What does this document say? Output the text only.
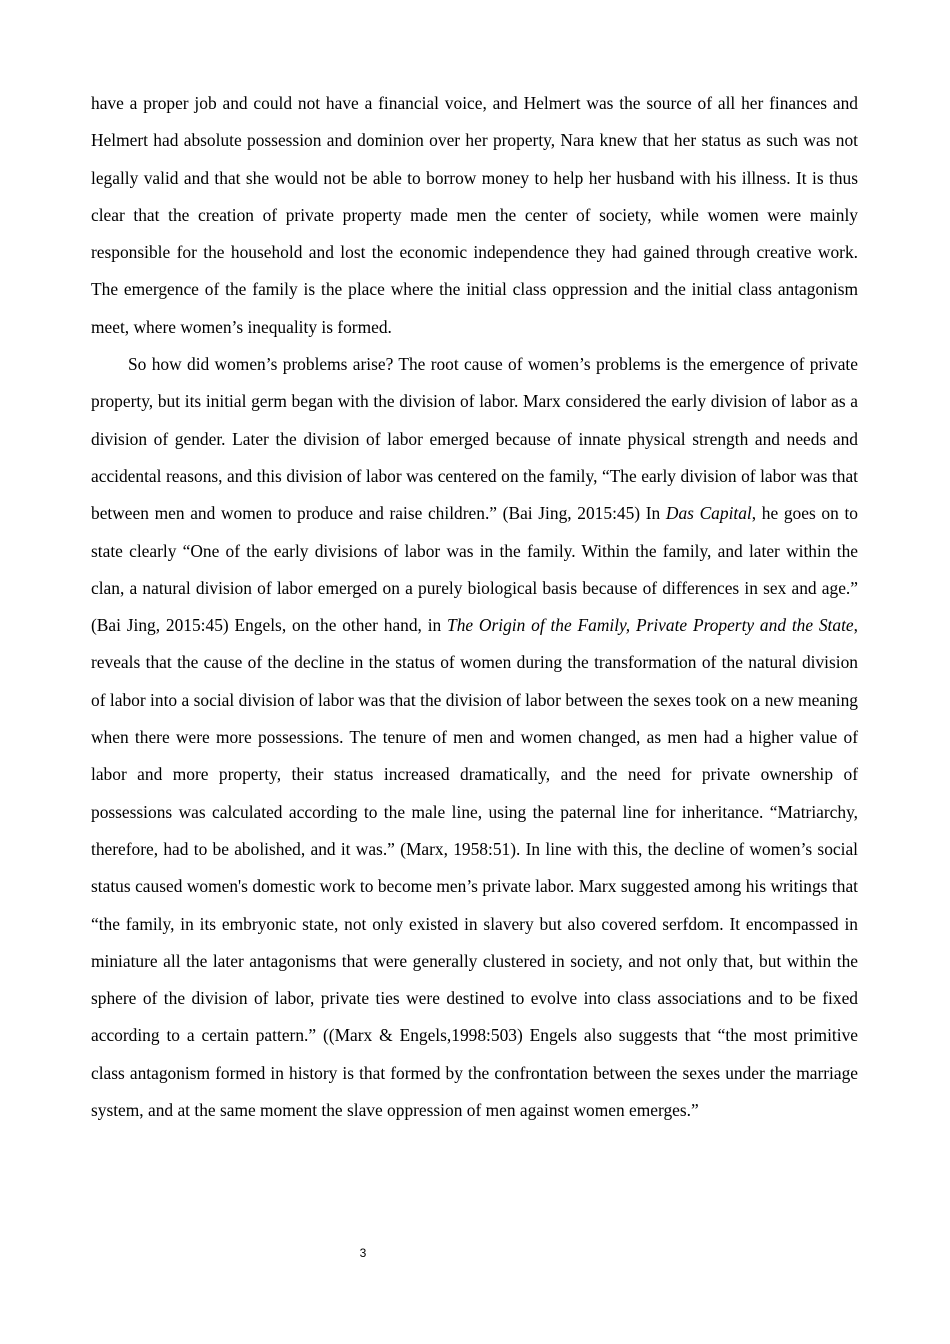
have a proper job and could not have a financial voice, and Helmert was the source of all her finances and Helmert had absolute possession and dominion over her property, Nara knew that her status as such was not legally valid and that she would not be able to borrow money to help her husband with his illness. It is thus clear that the creation of private property made men the center of society, while women were mainly responsible for the household and lost the economic independence they had gained through creative work. The emergence of the family is the place where the initial class oppression and the initial class antagonism meet, where women’s inequality is formed.

So how did women’s problems arise? The root cause of women’s problems is the emergence of private property, but its initial germ began with the division of labor. Marx considered the early division of labor as a division of gender. Later the division of labor emerged because of innate physical strength and needs and accidental reasons, and this division of labor was centered on the family, “The early division of labor was that between men and women to produce and raise children.” (Bai Jing, 2015:45) In Das Capital, he goes on to state clearly “One of the early divisions of labor was in the family. Within the family, and later within the clan, a natural division of labor emerged on a purely biological basis because of differences in sex and age.” (Bai Jing, 2015:45) Engels, on the other hand, in The Origin of the Family, Private Property and the State, reveals that the cause of the decline in the status of women during the transformation of the natural division of labor into a social division of labor was that the division of labor between the sexes took on a new meaning when there were more possessions. The tenure of men and women changed, as men had a higher value of labor and more property, their status increased dramatically, and the need for private ownership of possessions was calculated according to the male line, using the paternal line for inheritance. “Matriarchy, therefore, had to be abolished, and it was.” (Marx, 1958:51). In line with this, the decline of women’s social status caused women's domestic work to become men’s private labor. Marx suggested among his writings that “the family, in its embryonic state, not only existed in slavery but also covered serfdom. It encompassed in miniature all the later antagonisms that were generally clustered in society, and not only that, but within the sphere of the division of labor, private ties were destined to evolve into class associations and to be fixed according to a certain pattern.” ((Marx & Engels,1998:503) Engels also suggests that “the most primitive class antagonism formed in history is that formed by the confrontation between the sexes under the marriage system, and at the same moment the slave oppression of men against women emerges.”

3
